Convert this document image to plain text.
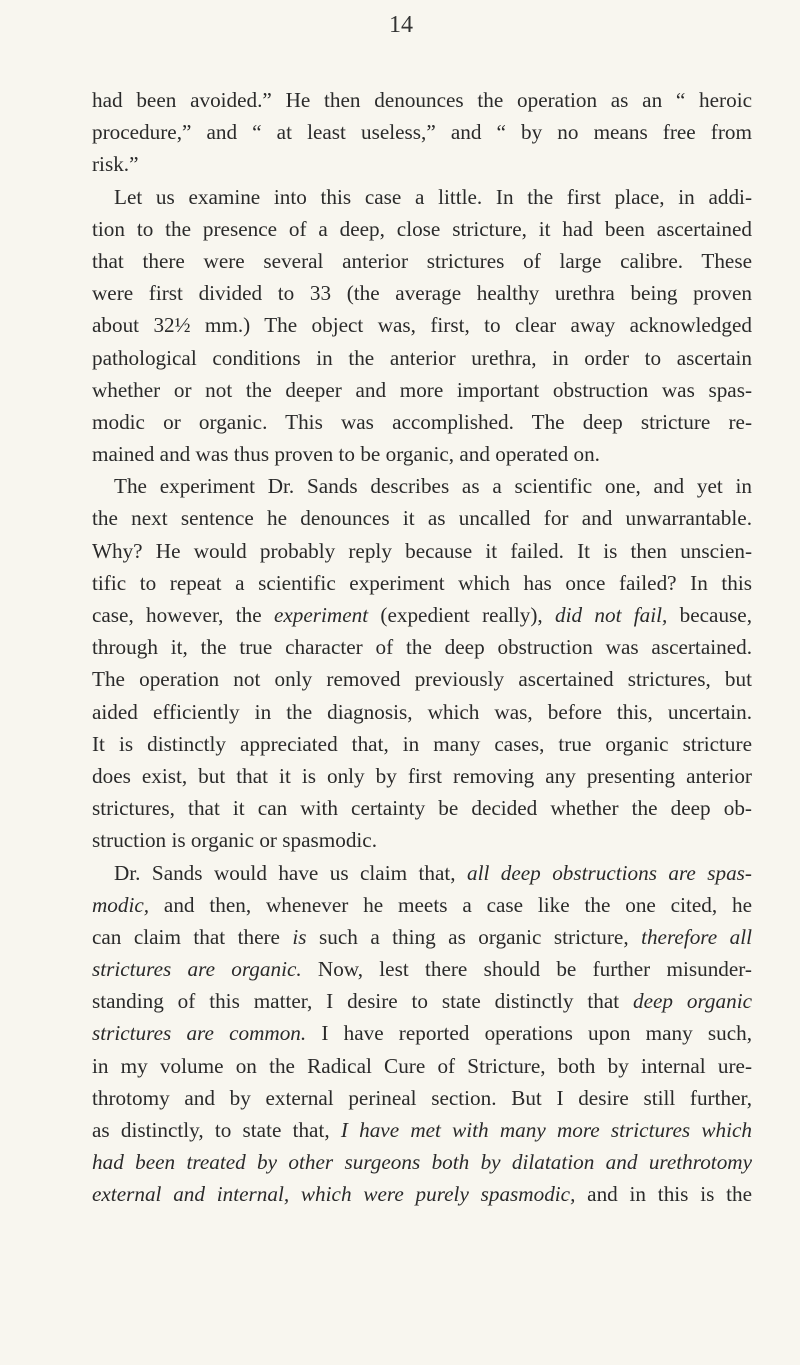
14
had been avoided.” He then denounces the operation as an “ heroic
procedure,” and “ at least useless,” and “ by no means free from
risk.”
Let us examine into this case a little. In the first place, in addi-
tion to the presence of a deep, close stricture, it had been ascertained
that there were several anterior strictures of large calibre. These
were first divided to 33 (the average healthy urethra being proven
about 32½ mm.) The object was, first, to clear away acknowledged
pathological conditions in the anterior urethra, in order to ascertain
whether or not the deeper and more important obstruction was spas-
modic or organic. This was accomplished. The deep stricture re-
mained and was thus proven to be organic, and operated on.
The experiment Dr. Sands describes as a scientific one, and yet in
the next sentence he denounces it as uncalled for and unwarrantable.
Why? He would probably reply because it failed. It is then unscien-
tific to repeat a scientific experiment which has once failed? In this
case, however, the experiment (expedient really), did not fail, because,
through it, the true character of the deep obstruction was ascertained.
The operation not only removed previously ascertained strictures, but
aided efficiently in the diagnosis, which was, before this, uncertain.
It is distinctly appreciated that, in many cases, true organic stricture
does exist, but that it is only by first removing any presenting anterior
strictures, that it can with certainty be decided whether the deep ob-
struction is organic or spasmodic.
Dr. Sands would have us claim that, all deep obstructions are spas-
modic, and then, whenever he meets a case like the one cited, he
can claim that there is such a thing as organic stricture, therefore all
strictures are organic. Now, lest there should be further misunder-
standing of this matter, I desire to state distinctly that deep organic
strictures are common. I have reported operations upon many such,
in my volume on the Radical Cure of Stricture, both by internal ure-
throtomy and by external perineal section. But I desire still further,
as distinctly, to state that, I have met with many more strictures which
had been treated by other surgeons both by dilatation and urethrotomy
external and internal, which were purely spasmodic, and in this is the
